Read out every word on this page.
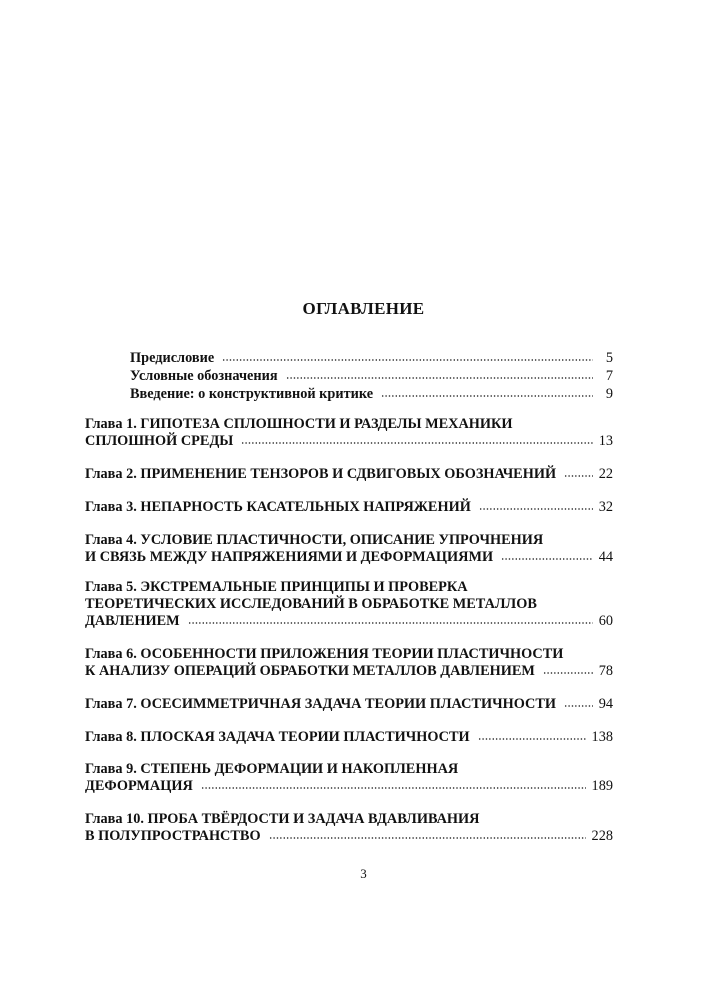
ОГЛАВЛЕНИЕ
Предисловие	5
Условные обозначения	7
Введение: о конструктивной критике	9
Глава 1. ГИПОТЕЗА СПЛОШНОСТИ И РАЗДЕЛЫ МЕХАНИКИ
СПЛОШНОЙ СРЕДЫ	13
Глава 2. ПРИМЕНЕНИЕ ТЕНЗОРОВ И СДВИГОВЫХ ОБОЗНАЧЕНИЙ	22
Глава 3. НЕПАРНОСТЬ КАСАТЕЛЬНЫХ НАПРЯЖЕНИЙ	32
Глава 4. УСЛОВИЕ ПЛАСТИЧНОСТИ, ОПИСАНИЕ УПРОЧНЕНИЯ
И СВЯЗЬ МЕЖДУ НАПРЯЖЕНИЯМИ И ДЕФОРМАЦИЯМИ	44
Глава 5. ЭКСТРЕМАЛЬНЫЕ ПРИНЦИПЫ И ПРОВЕРКА
ТЕОРЕТИЧЕСКИХ ИССЛЕДОВАНИЙ В ОБРАБОТКЕ МЕТАЛЛОВ
ДАВЛЕНИЕМ	60
Глава 6. ОСОБЕННОСТИ ПРИЛОЖЕНИЯ ТЕОРИИ ПЛАСТИЧНОСТИ
К АНАЛИЗУ ОПЕРАЦИЙ ОБРАБОТКИ МЕТАЛЛОВ ДАВЛЕНИЕМ	78
Глава 7. ОСЕСИММЕТРИЧНАЯ ЗАДАЧА ТЕОРИИ ПЛАСТИЧНОСТИ	94
Глава 8. ПЛОСКАЯ ЗАДАЧА ТЕОРИИ ПЛАСТИЧНОСТИ	138
Глава 9. СТЕПЕНЬ ДЕФОРМАЦИИ И НАКОПЛЕННАЯ
ДЕФОРМАЦИЯ	189
Глава 10. ПРОБА ТВЁРДОСТИ И ЗАДАЧА ВДАВЛИВАНИЯ
В ПОЛУПРОСТРАНСТВО	228
3
